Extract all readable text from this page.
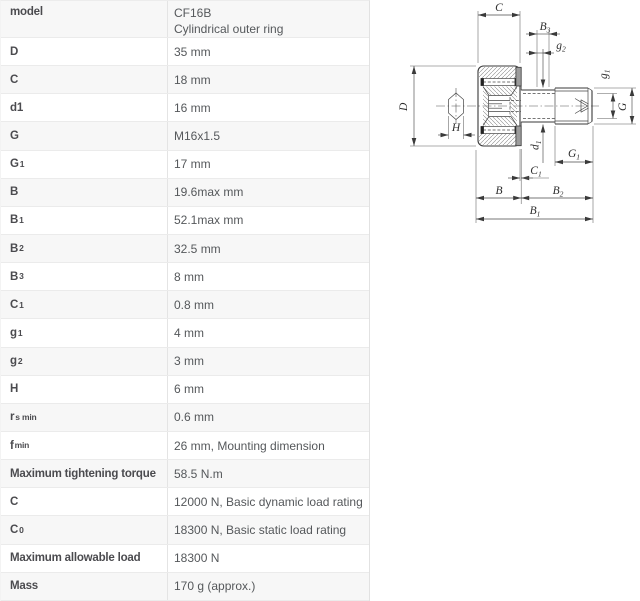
model	CF16B
Cylindrical outer ring
D	35 mm
C	18 mm
d1	16 mm
G	M16x1.5
G 1	17 mm
B	19.6max mm
B 1	52.1max mm
B 2	32.5 mm
B 3	8 mm
C 1	0.8 mm
g 1	4 mm
g 2	3 mm
H	6 mm
r s min	0.6 mm
f min	26 mm, Mounting dimension
Maximum tightening torque 58.5 N.m
C	12000 N, Basic dynamic load rating
C 0	18300 N, Basic static load rating
Maximum allowable load	18300 N
Mass	170 g (approx.)
C
$B_3$
$g_2$
$g_1$
G
D
H
$d_1$
$G_1$
$C_1$
B	$B_2$
$B_1$
